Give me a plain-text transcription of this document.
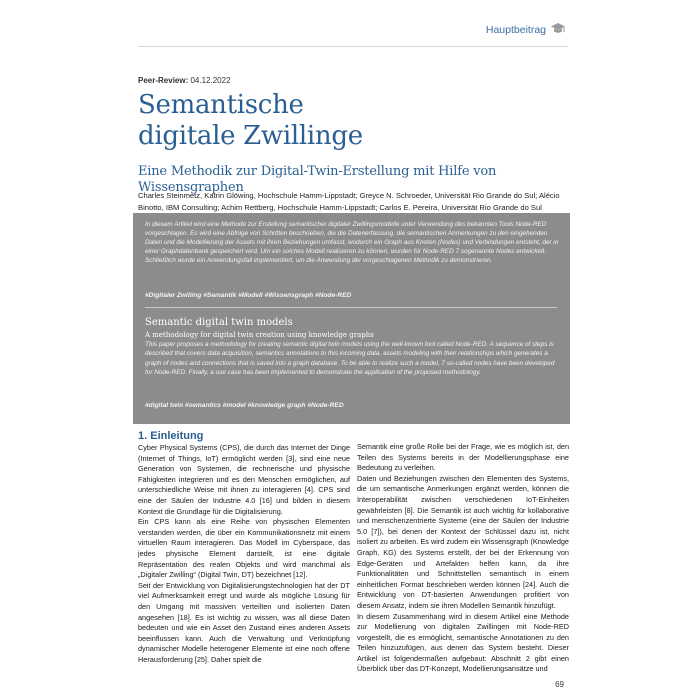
Hauptbeitrag
Peer-Review: 04.12.2022
Semantische
digitale Zwillinge
Eine Methodik zur Digital-Twin-Erstellung mit Hilfe von Wissensgraphen
Charles Steinmetz, Katrin Glöwing, Hochschule Hamm-Lippstadt; Greyce N. Schroeder, Universität Rio Grande do Sul; Alécio
Binotto, IBM Consulting; Achim Rettberg, Hochschule Hamm-Lippstadt; Carlos E. Pereira, Universität Rio Grande do Sul
In diesem Artikel wird eine Methode zur Erstellung semantischer digitaler Zwillingsmodelle unter Verwendung des bekannten Tools Node-RED vorgeschlagen. Es wird eine Abfolge von Schritten beschrieben, die die Datenerfassung, die semantischen Anmerkungen zu den eingehenden Daten und die Modellierung der Assets mit ihren Beziehungen umfasst, wodurch ein Graph aus Knoten (Nodes) und Verbindungen entsteht, der in einer Graphdatenbank gespeichert wird. Um ein solches Modell realisieren zu können, wurden für Node-RED 7 sogenannte Nodes entwickelt. Schließlich wurde ein Anwendungsfall implementiert, um die Anwendung der vorgeschlagenen Methodik zu demonstrieren.
#Digitaler Zwilling #Semantik #Modell #Wissensgraph #Node-RED
Semantic digital twin models
A methodology for digital twin creation using knowledge graphs
This paper proposes a methodology for creating semantic digital twin models using the well-known tool called Node-RED. A sequence of steps is described that covers data acquisition, semantics annotations to this incoming data, assets modeling with their relationships which generates a graph of nodes and connections that is saved into a graph database. To be able to realize such a model, 7 so-called nodes have been developed for Node-RED. Finally, a use case has been implemented to demonstrate the application of the proposed methodology.
#digital twin #semantics #model #knowledge graph #Node-RED
1. Einleitung

Cyber Physical Systems (CPS), die durch das Internet der Dinge (Internet of Things, IoT) ermöglicht werden [3], sind eine neue Generation von Systemen, die rechnerische und physische Fähigkeiten integrieren und es den Menschen ermöglichen, auf unterschiedliche Weise mit ihnen zu interagieren [4]. CPS sind eine der Säulen der Industrie 4.0 [16] und bilden in diesem Kontext die Grundlage für die Digitalisierung.

Ein CPS kann als eine Reihe von physischen Elementen verstanden werden, die über ein Kommunikationsnetz mit einem virtuellen Raum interagieren. Das Modell im Cyberspace, das jedes physische Element darstellt, ist eine digitale Repräsentation des realen Objekts und wird manchmal als „Digitaler Zwilling“ (Digital Twin, DT) bezeichnet [12].

Seit der Entwicklung von Digitalisierungstechnologien hat der DT viel Aufmerksamkeit erregt und wurde als mögliche Lösung für den Umgang mit massiven verteilten und isolierten Daten angesehen [18]. Es ist wichtig zu wissen, was all diese Daten bedeuten und wie ein Asset den Zustand eines anderen Assets beeinflussen kann. Auch die Verwaltung und Verknüpfung dynamischer Modelle heterogener Elemente ist eine noch offene Herausforderung [25]. Daher spielt die

Semantik eine große Rolle bei der Frage, wie es möglich ist, den Teilen des Systems bereits in der Modellierungsphase eine Bedeutung zu verleihen.

Daten und Beziehungen zwischen den Elementen des Systems, die um semantische Anmerkungen ergänzt werden, können die Interoperabilität zwischen verschiedenen IoT-Einheiten gewährleisten [8]. Die Semantik ist auch wichtig für kollaborative und menschenzentrierte Systeme (eine der Säulen der Industrie 5.0 [7]), bei denen der Kontext der Schlüssel dazu ist, nicht isoliert zu arbeiten. Es wird zudem ein Wissensgraph (Knowledge Graph, KG) des Systems erstellt, der bei der Erkennung von Edge-Geräten und Artefakten helfen kann, da ihre Funktionalitäten und Schnittstellen semantisch in einem einheitlichen Format beschrieben werden können [24]. Auch die Entwicklung von DT-basierten Anwendungen profitiert von diesem Ansatz, indem sie ihren Modellen Semantik hinzufügt.

In diesem Zusammenhang wird in diesem Artikel eine Methode zur Modellierung von digitalen Zwillingen mit Node-RED vorgestellt, die es ermöglicht, semantische Annotationen zu den Teilen hinzuzufügen, aus denen das System besteht. Dieser Artikel ist folgendermaßen aufgebaut: Abschnitt 2 gibt einen Überblick über das DT-Konzept, Modellierungsansätze und

69
